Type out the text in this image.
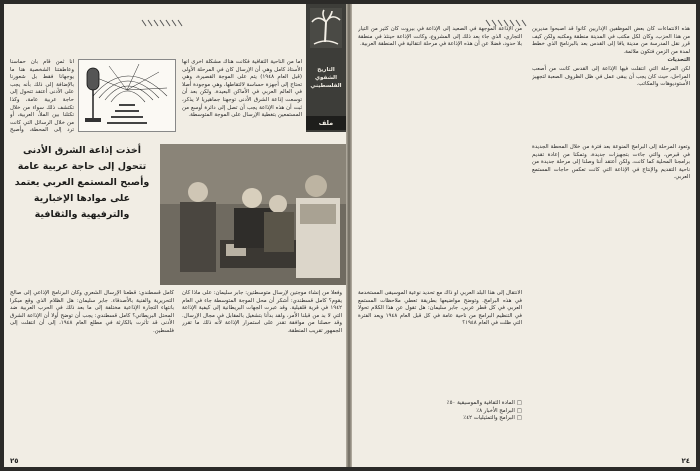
التاريخ الشفوي الفلسطيني
ملف
أما من الناحية الثقافية فكانت هناك مشكلة أخرى أنها الأستاذ كامل وهي أن الإرسال كان في المرحلة الأولى (قبل العام ١٩٤٨) يتم على الموجة القصيرة، وهي تحتاج إلى أجهزة حساسة لالتقاطها، وهي موجودة أصلا في العالم العربي في الأماكن البعيدة. ولكن بعد أن توسعت إذاعة الشرق الأدنى توجهنا جماهيريا لا يذكر، ثبت أن هذه الإذاعة يجب أن تصل إلى دائرة أوسع من المستمعين بتغطية الإرسال على الموجة المتوسطة.
أخذت إذاعة الشرق الأدنى تتحول إلى حاجة عربية عامة وأصبح المستمع العربي يعتمد على موادها الإخبارية والترفيهية والثقافية
أنا ثمن قام بأن حماسنا وعاطفتنا الشخصية هنا ما يوجهانا فقط بل شعورنا بالإضافة إلى ذلك بأنه يجب على الأدنى أعتقد تتحول إلى حاجة عربية عامة، وكذا تكتشف ذلك سواء من خلال تكتلنا بين الملأ، العربية، أو من خلال الرسائل التي كانت ترد إلى المحطة، وأصبح
وفعلا من إنشاء موجتين لإرسال متوسطتين: جابر سليمان: على ماذا كان يقوم؟ كامل قسطندي: أشكر أن محل الموجة المتوسطة جاء في العام ١٩٤٢ في قرية قلقيلية. وقد عبرت الجهات البريطانية إلى كيفية الإذاعة التي لا بد من قبلنا الأمر، ولقد بدأنا بتشغيل بالمقابل في مجال الإرسال. وقد حصلنا من موافقة تقدر على استمرار الإذاعة لأنه ذلك ما تقرر الجمهور تقريب المنطقة.
كامل قسطندي: قطعنا الإرسال الشعري وكان البرنامج الإذاعي إلى صالح التحريرية والفنية بالأصدقاء. جابر سليمان: هل الظلام الذي وقع مبكرا بانتهاء التجارة الإذاعية مختلفة إلى ما بعد ذلك في الحرب العربية ضد المحتل البريطاني؟ كامل قسطندي: يجب أن توضح أولا أن الإذاعة الشرق الأدنى قد تأثرت بالكارثة في مطلع العام ١٩٤٨، إلى أن انتقلت إلى فلسطين.
٢٥

هذه الانتماءات كان بعض الموظفين الإداريين كانوا قد أصبحوا مديرين من هذا الحزب، وكان لكل مكتب في المدينة منطقة ومكتبه ولكن كيف قرر نقل المدرسة من مدينة يافا إلى القدس بعد بالبرنامج الذي خطط لمدة من الزمن فتكون ملائمة.

التحديات

لكن المرحلة التي انتقلت فيها الإذاعة إلى القدس كانت من أصعب المراحل، حيث كان يجب أن يبقى عمل في ظل الظروف الصعبة لتجهيز الأستوديوهات والمكاتب.

من الإذاعة الموجهة في الصعيد إلى الإذاعة في بيروت كان كثير من التيار التجاري، الذي جاء بعد ذلك إلى المشروع، وكانت الإذاعة حينئذ في منطقة بلا حدود، فضلا عن أن هذه الإذاعة في مرحلة انتقالية في المنطقة العربية.
الانتقال إلى هذا البلد العربي أو ذاك مع تحديد نوعية الموسيقى المستخدمة في هذه البرامج. وتوضح مواضيعها بطريقة تعطي ملاحظات المستمع العربي في كل قطر عربي. جابر سليمان: هل تقول عن هذا الكلام تحولا في التنظيم البرامج من ناحية عامة في كل قبل العام ١٩٤٨ ويعد الفترة التي ظلت في العام ١٩٤٨؟
□ المادة الثقافية والموسيقية ٥٠٪
□ البرامج الأخبار ٨٪
□ البرامج والتمثيليات ٤٢٪
وتعود المرحلة إلى البرامج المنوعة بعد فترة من خلال المحطة الجديدة في قبرص، والتي جاءت بتجهيزات جديدة، وتمكنا من إعادة تقديم برامجنا المحلية كما كانت، ولكن أعتقد أننا وصلنا إلى مرحلة جديدة من ناحية التقديم والإنتاج في الإذاعة التي كانت تعكس حاجات المستمع العربي.
٢٤
